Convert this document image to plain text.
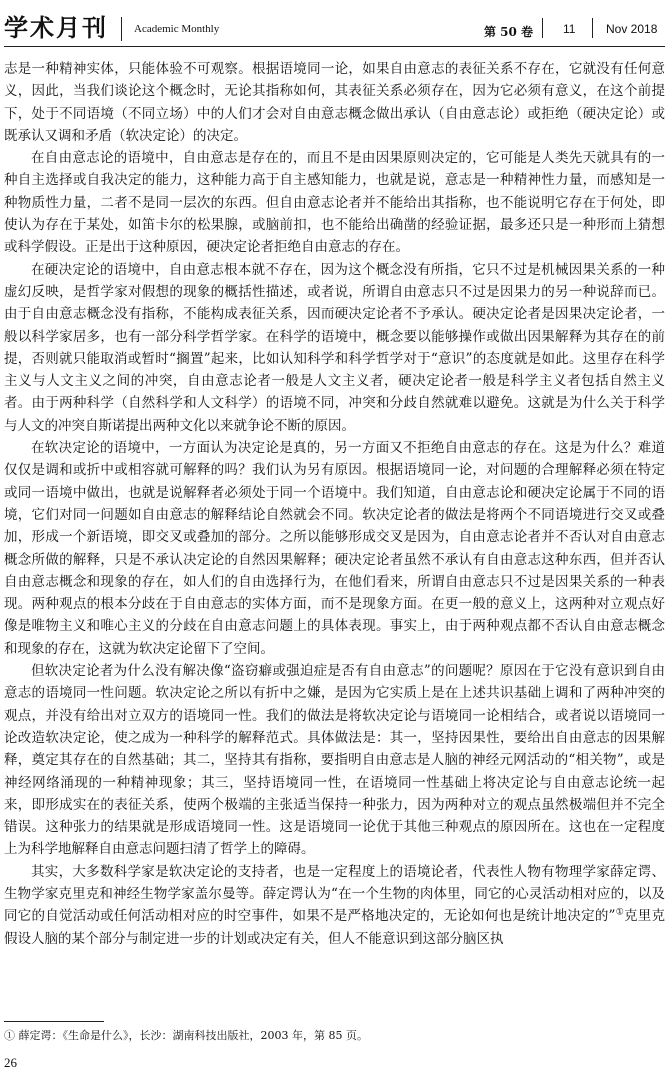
学术月刊 Academic Monthly	第 50 卷 11	Nov 2018

志是一种精神实体，只能体验不可观察。根据语境同一论，如果自由意志的表征关系不存在，它就没有任何意义，因此，当我们谈论这个概念时，无论其指称如何，其表征关系必须存在，因为它必须有意义，在这个前提下，处于不同语境（不同立场）中的人们才会对自由意志概念做出承认（自由意志论）或拒绝（硬决定论）或既承认又调和矛盾（软决定论）的决定。

在自由意志论的语境中，自由意志是存在的，而且不是由因果原则决定的，它可能是人类先天就具有的一种自主选择或自我决定的能力，这种能力高于自主感知能力，也就是说，意志是一种精神性力量，而感知是一种物质性力量，二者不是同一层次的东西。但自由意志论者并不能给出其指称，也不能说明它存在于何处，即使认为存在于某处，如笛卡尔的松果腺，或脑前扣，也不能给出确凿的经验证据，最多还只是一种形而上猜想或科学假设。正是出于这种原因，硬决定论者拒绝自由意志的存在。

在硬决定论的语境中，自由意志根本就不存在，因为这个概念没有所指，它只不过是机械因果关系的一种虚幻反映，是哲学家对假想的现象的概括性描述，或者说，所谓自由意志只不过是因果力的另一种说辞而已。由于自由意志概念没有指称，不能构成表征关系，因而硬决定论者不予承认。硬决定论者是因果决定论者，一般以科学家居多，也有一部分科学哲学家。在科学的语境中，概念要以能够操作或做出因果解释为其存在的前提，否则就只能取消或暂时“搁置”起来，比如认知科学和科学哲学对于“意识”的态度就是如此。这里存在科学主义与人文主义之间的冲突，自由意志论者一般是人文主义者，硬决定论者一般是科学主义者包括自然主义者。由于两种科学（自然科学和人文科学）的语境不同，冲突和分歧自然就难以避免。这就是为什么关于科学与人文的冲突自斯诺提出两种文化以来就争论不断的原因。

在软决定论的语境中，一方面认为决定论是真的，另一方面又不拒绝自由意志的存在。这是为什么？难道仅仅是调和或折中或相容就可解释的吗？我们认为另有原因。根据语境同一论，对问题的合理解释必须在特定或同一语境中做出，也就是说解释者必须处于同一个语境中。我们知道，自由意志论和硬决定论属于不同的语境，它们对同一问题如自由意志的解释结论自然就会不同。软决定论者的做法是将两个不同语境进行交叉或叠加，形成一个新语境，即交叉或叠加的部分。之所以能够形成交叉是因为，自由意志论者并不否认对自由意志概念所做的解释，只是不承认决定论的自然因果解释；硬决定论者虽然不承认有自由意志这种东西，但并否认自由意志概念和现象的存在，如人们的自由选择行为，在他们看来，所谓自由意志只不过是因果关系的一种表现。两种观点的根本分歧在于自由意志的实体方面，而不是现象方面。在更一般的意义上，这两种对立观点好像是唯物主义和唯心主义的分歧在自由意志问题上的具体表现。事实上，由于两种观点都不否认自由意志概念和现象的存在，这就为软决定论留下了空间。

但软决定论者为什么没有解决像“盗窃癖或强迫症是否有自由意志”的问题呢？原因在于它没有意识到自由意志的语境同一性问题。软决定论之所以有折中之嫌，是因为它实质上是在上述共识基础上调和了两种冲突的观点，并没有给出对立双方的语境同一性。我们的做法是将软决定论与语境同一论相结合，或者说以语境同一论改造软决定论，使之成为一种科学的解释范式。具体做法是：其一，坚持因果性，要给出自由意志的因果解释，奠定其存在的自然基础；其二，坚持其有指称，要指明自由意志是人脑的神经元网活动的“相关物”，或是神经网络涌现的一种精神现象；其三，坚持语境同一性，在语境同一性基础上将决定论与自由意志论统一起来，即形成实在的表征关系，使两个极端的主张适当保持一种张力，因为两种对立的观点虽然极端但并不完全错误。这种张力的结果就是形成语境同一性。这是语境同一论优于其他三种观点的原因所在。这也在一定程度上为科学地解释自由意志问题扫清了哲学上的障碍。

其实，大多数科学家是软决定论的支持者，也是一定程度上的语境论者，代表性人物有物理学家薛定谔、生物学家克里克和神经生物学家盖尔曼等。薛定谔认为“在一个生物的肉体里，同它的心灵活动相对应的，以及同它的自觉活动或任何活动相对应的时空事件，如果不是严格地决定的，无论如何也是统计地决定的”①克里克假设人脑的某个部分与制定进一步的计划或决定有关，但人不能意识到这部分脑区执

① 薛定谔：《生命是什么》，长沙：湖南科技出版社，2003 年，第 85 页。
26
